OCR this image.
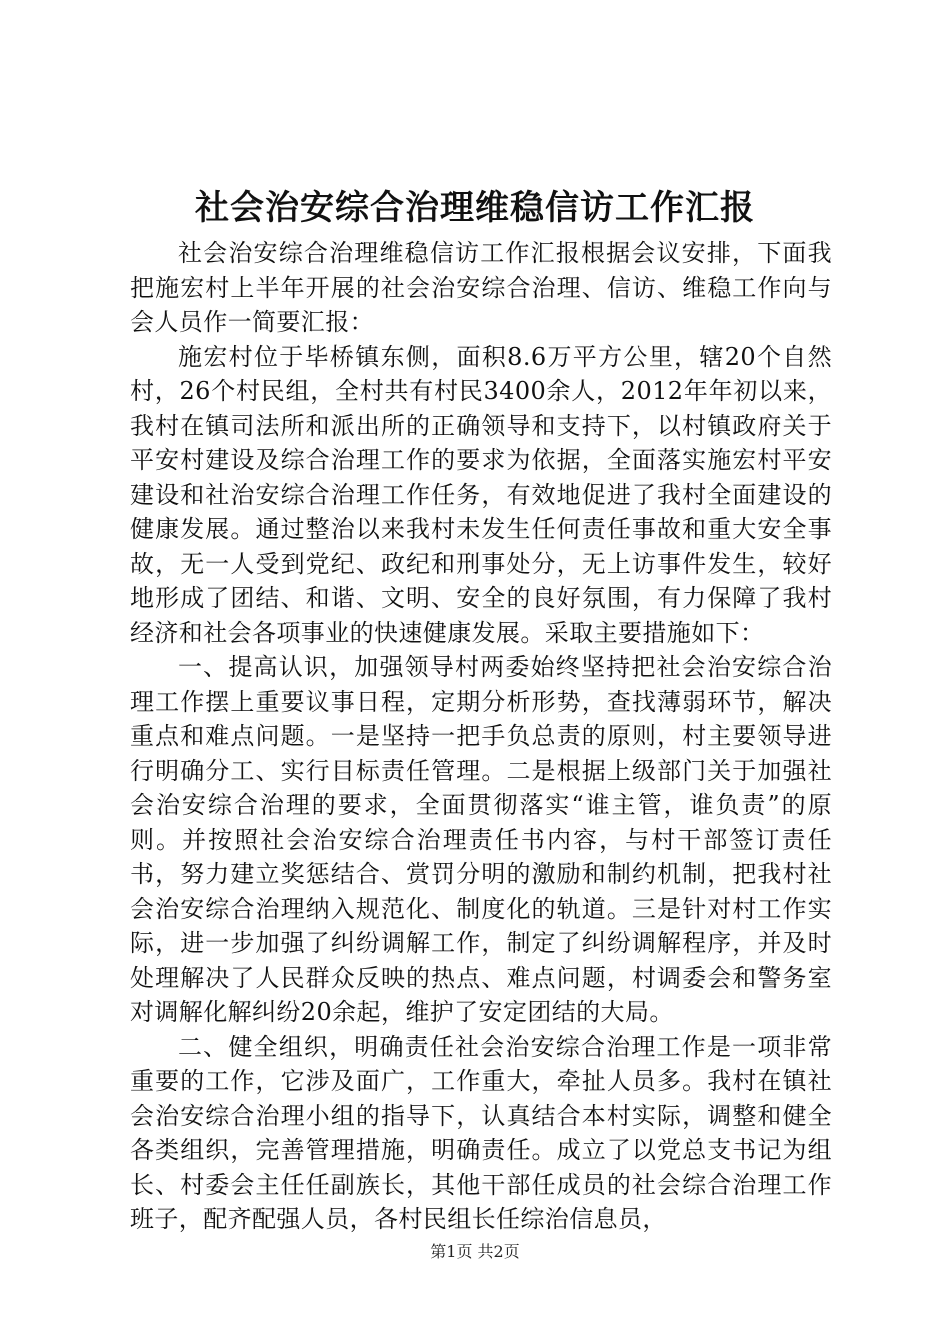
社会治安综合治理维稳信访工作汇报

社会治安综合治理维稳信访工作汇报根据会议安排，下面我把施宏村上半年开展的社会治安综合治理、信访、维稳工作向与会人员作一简要汇报：

施宏村位于毕桥镇东侧，面积8.6万平方公里，辖20个自然村，26个村民组，全村共有村民3400余人，2012年年初以来，我村在镇司法所和派出所的正确领导和支持下，以村镇政府关于平安村建设及综合治理工作的要求为依据，全面落实施宏村平安建设和社治安综合治理工作任务，有效地促进了我村全面建设的健康发展。通过整治以来我村未发生任何责任事故和重大安全事故，无一人受到党纪、政纪和刑事处分，无上访事件发生，较好地形成了团结、和谐、文明、安全的良好氛围，有力保障了我村经济和社会各项事业的快速健康发展。采取主要措施如下：

一、提高认识，加强领导村两委始终坚持把社会治安综合治理工作摆上重要议事日程，定期分析形势，查找薄弱环节，解决重点和难点问题。一是坚持一把手负总责的原则，村主要领导进行明确分工、实行目标责任管理。二是根据上级部门关于加强社会治安综合治理的要求，全面贯彻落实“谁主管，谁负责”的原则。并按照社会治安综合治理责任书内容，与村干部签订责任书，努力建立奖惩结合、赏罚分明的激励和制约机制，把我村社会治安综合治理纳入规范化、制度化的轨道。三是针对村工作实际，进一步加强了纠纷调解工作，制定了纠纷调解程序，并及时处理解决了人民群众反映的热点、难点问题，村调委会和警务室对调解化解纠纷20余起，维护了安定团结的大局。

二、健全组织，明确责任社会治安综合治理工作是一项非常重要的工作，它涉及面广，工作重大，牵扯人员多。我村在镇社会治安综合治理小组的指导下，认真结合本村实际，调整和健全各类组织，完善管理措施，明确责任。成立了以党总支书记为组长、村委会主任任副族长，其他干部任成员的社会综合治理工作班子，配齐配强人员，各村民组长任综治信息员，

第1页 共2页
